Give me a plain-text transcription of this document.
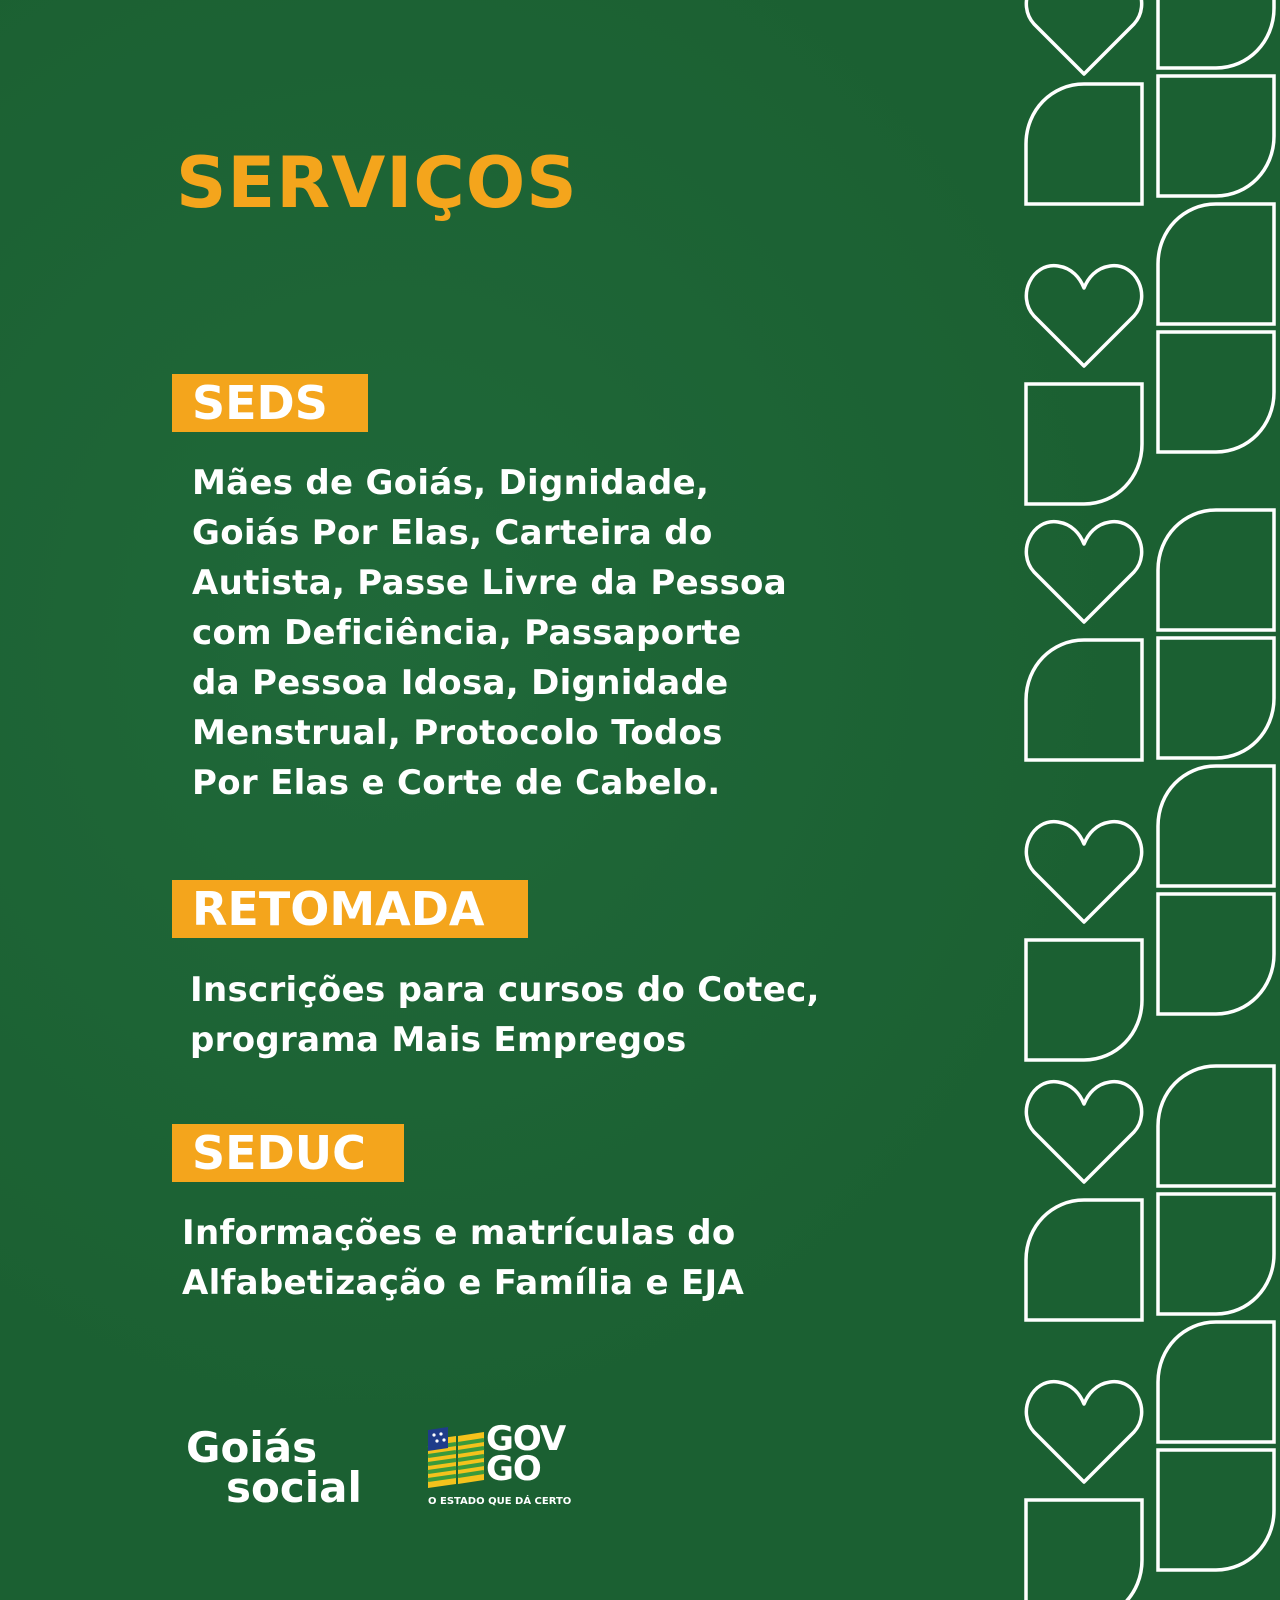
SERVIÇOS
SEDS

Mães de Goiás, Dignidade,
Goiás Por Elas, Carteira do
Autista, Passe Livre da Pessoa
com Deficiência, Passaporte
da Pessoa Idosa, Dignidade
Menstrual, Protocolo Todos
Por Elas e Corte de Cabelo.

RETOMADA

Inscrições para cursos do Cotec,
programa Mais Empregos

SEDUC

Informações e matrículas do
Alfabetização e Família e EJA

Goiás
social
GOV
GO
O ESTADO QUE DÁ CERTO
